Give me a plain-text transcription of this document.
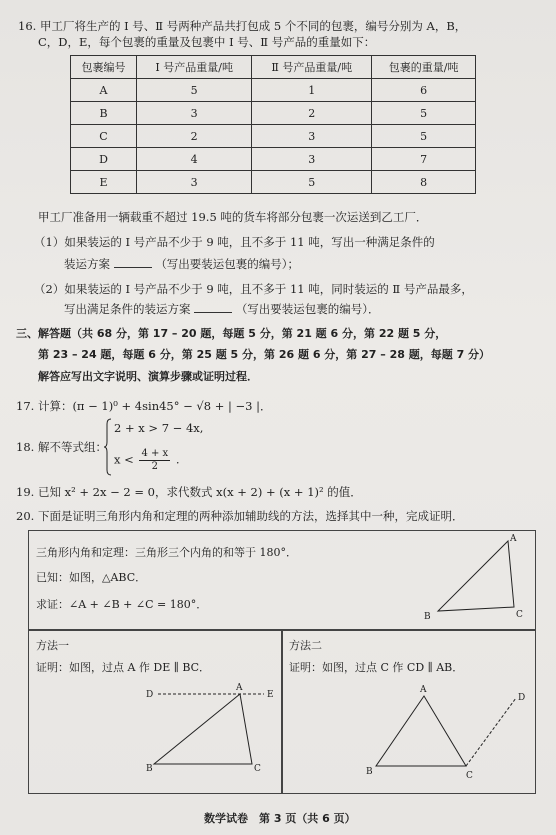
16. 甲工厂将生产的 Ⅰ 号、Ⅱ 号两种产品共打包成 5 个不同的包裹，编号分别为 A，B，
C，D，E，每个包裹的重量及包裹中 Ⅰ 号、Ⅱ 号产品的重量如下：
包裹编号	Ⅰ 号产品重量/吨	Ⅱ 号产品重量/吨	包裹的重量/吨
A	5	1	6
B	3	2	5
C	2	3	5
D	4	3	7
E	3	5	8
甲工厂准备用一辆载重不超过 19.5 吨的货车将部分包裹一次运送到乙工厂．
（1）如果装运的 Ⅰ 号产品不少于 9 吨，且不多于 11 吨，写出一种满足条件的
装运方案	（写出要装运包裹的编号）；
（2）如果装运的 Ⅰ 号产品不少于 9 吨，且不多于 11 吨，同时装运的 Ⅱ 号产品最多，
写出满足条件的装运方案	（写出要装运包裹的编号）．
三、解答题（共 68 分，第 17 – 20 题，每题 5 分，第 21 题 6 分，第 22 题 5 分，
第 23 – 24 题，每题 6 分，第 25 题 5 分，第 26 题 6 分，第 27 – 28 题，每题 7 分）
解答应写出文字说明、演算步骤或证明过程．
17. 计算：(π − 1)⁰ + 4sin45° − √8 + | −3 |．
18. 解不等式组：
2 + x > 7 − 4x,
$x < \frac{4 + x}{2}$ .
19. 已知 x² + 2x − 2 = 0，求代数式 x(x + 2) + (x + 1)² 的值．
20. 下面是证明三角形内角和定理的两种添加辅助线的方法，选择其中一种，完成证明．
三角形内角和定理：三角形三个内角的和等于 180°．
已知：如图，△ABC．
求证：∠A + ∠B + ∠C = 180°．
A
B	C
方法一
证明：如图，过点 A 作 DE ∥ BC．
D
A
E
B	C
方法二
证明：如图，过点 C 作 CD ∥ AB．
A
D
B	C
数学试卷　第 3 页（共 6 页）
